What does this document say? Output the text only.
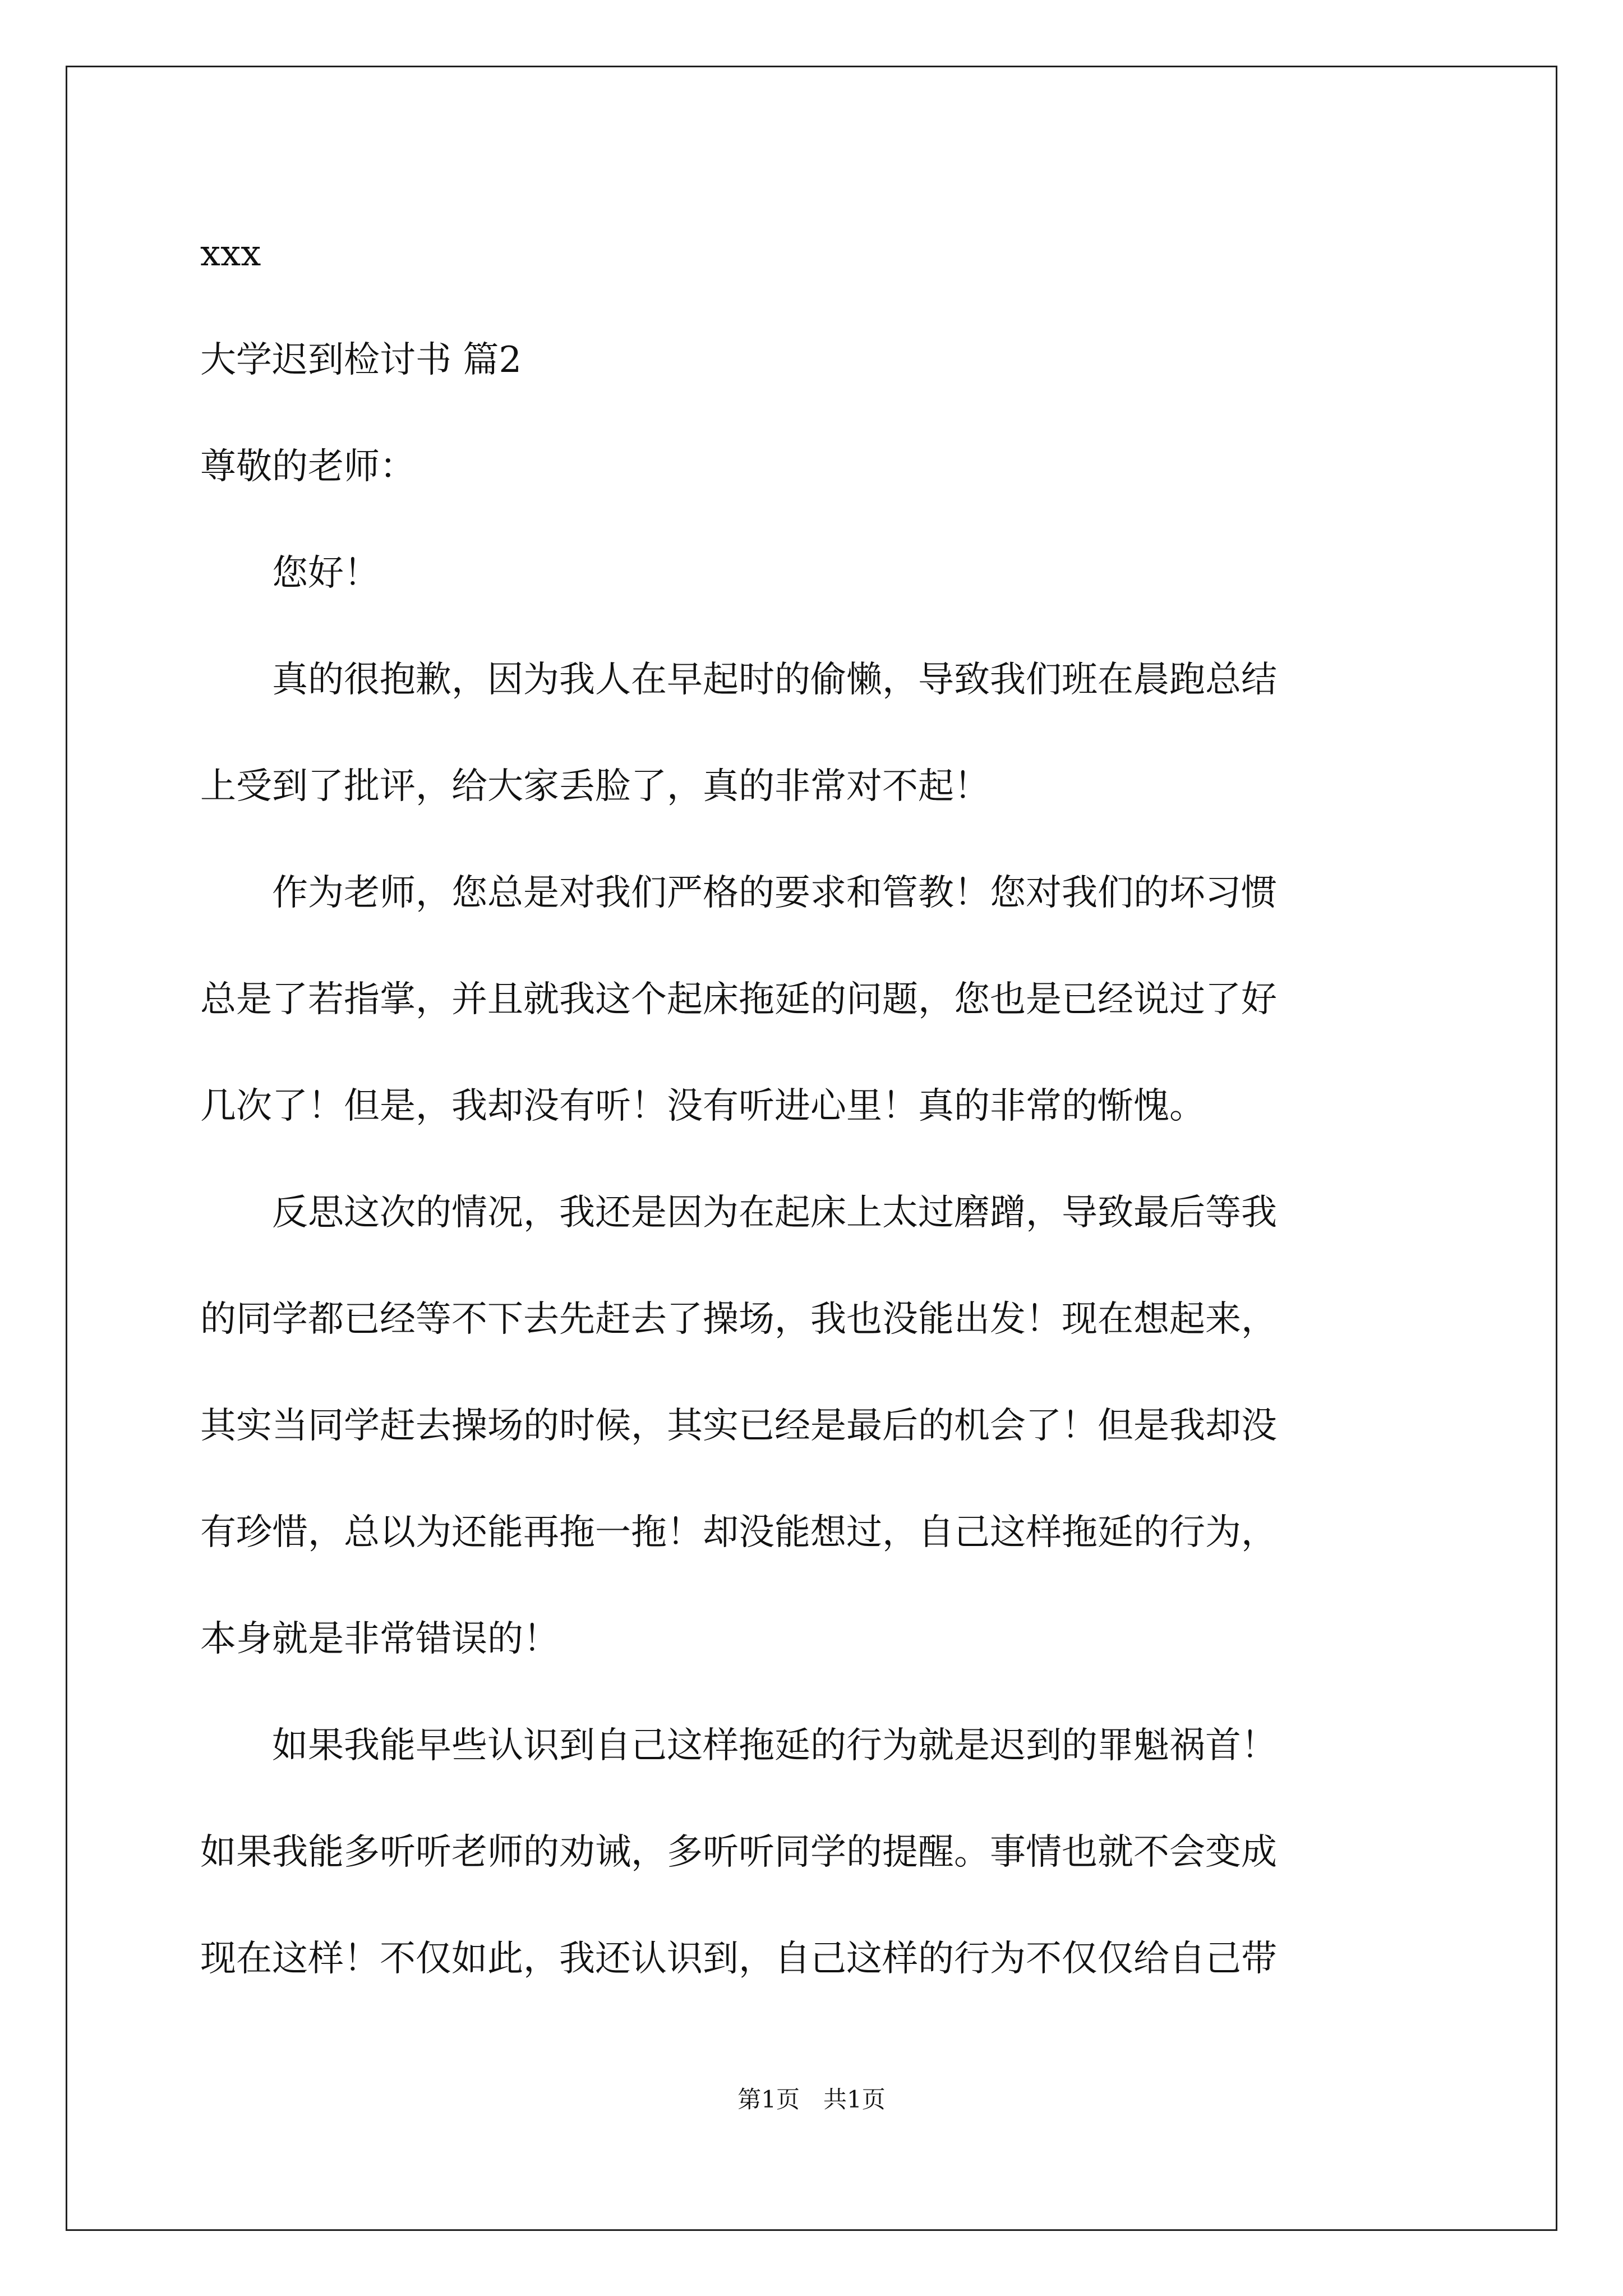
xxx
大学迟到检讨书 篇2
尊敬的老师：
　　您好！
　　真的很抱歉，因为我人在早起时的偷懒，导致我们班在晨跑总结
上受到了批评，给大家丢脸了，真的非常对不起！
　　作为老师，您总是对我们严格的要求和管教！您对我们的坏习惯
总是了若指掌，并且就我这个起床拖延的问题，您也是已经说过了好
几次了！但是，我却没有听！没有听进心里！真的非常的惭愧。
　　反思这次的情况，我还是因为在起床上太过磨蹭，导致最后等我
的同学都已经等不下去先赶去了操场，我也没能出发！现在想起来，
其实当同学赶去操场的时候，其实已经是最后的机会了！但是我却没
有珍惜，总以为还能再拖一拖！却没能想过，自己这样拖延的行为，
本身就是非常错误的！
　　如果我能早些认识到自己这样拖延的行为就是迟到的罪魁祸首！
如果我能多听听老师的劝诫，多听听同学的提醒。事情也就不会变成
现在这样！不仅如此，我还认识到，自己这样的行为不仅仅给自己带
第1页　共1页
